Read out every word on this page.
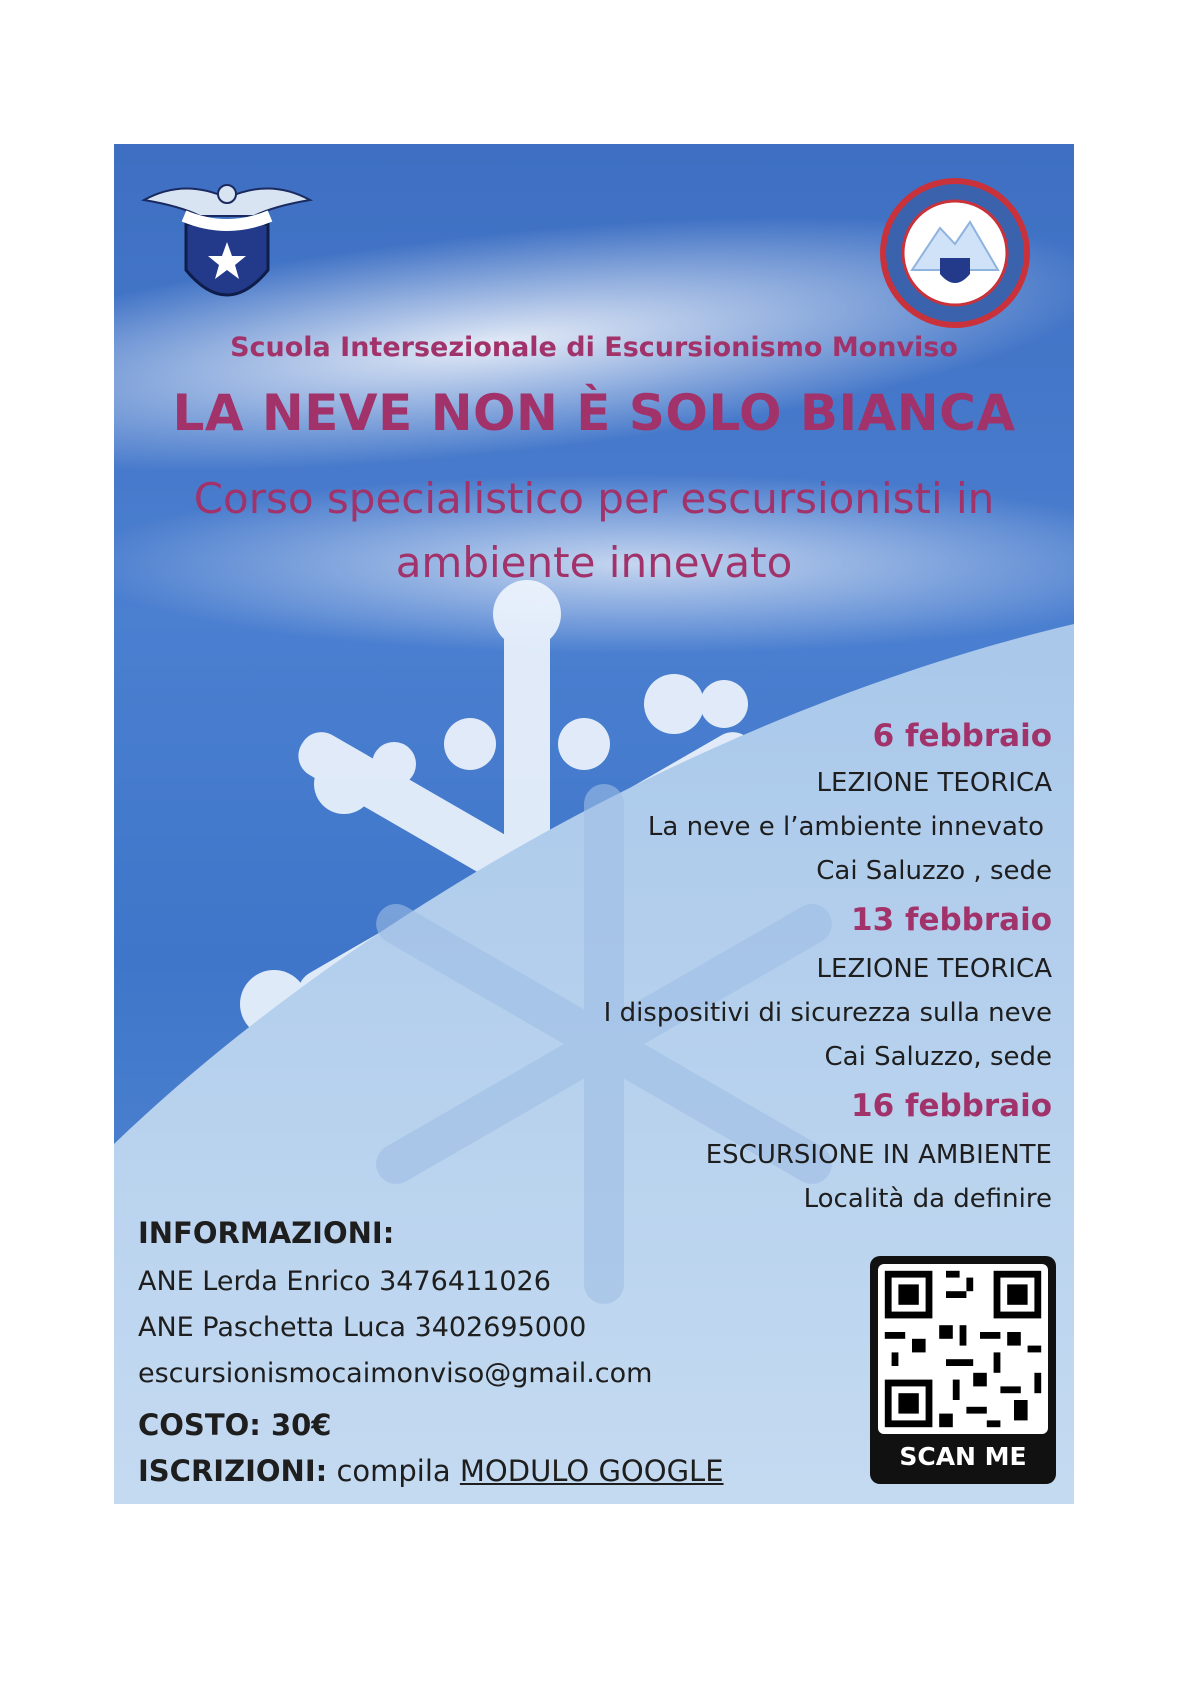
Scuola Intersezionale di Escursionismo Monviso
LA NEVE NON È SOLO BIANCA
Corso specialistico per escursionisti in
ambiente innevato
6 febbraio
LEZIONE TEORICA
La neve e l’ambiente innevato
Cai Saluzzo , sede
13 febbraio
LEZIONE TEORICA
I dispositivi di sicurezza sulla neve
Cai Saluzzo, sede
16 febbraio
ESCURSIONE IN AMBIENTE
Località da definire
INFORMAZIONI:
ANE Lerda Enrico 3476411026
ANE Paschetta Luca 3402695000
escursionismocaimonviso@gmail.com
COSTO: 30€
ISCRIZIONI: compila MODULO GOOGLE	SCAN ME
